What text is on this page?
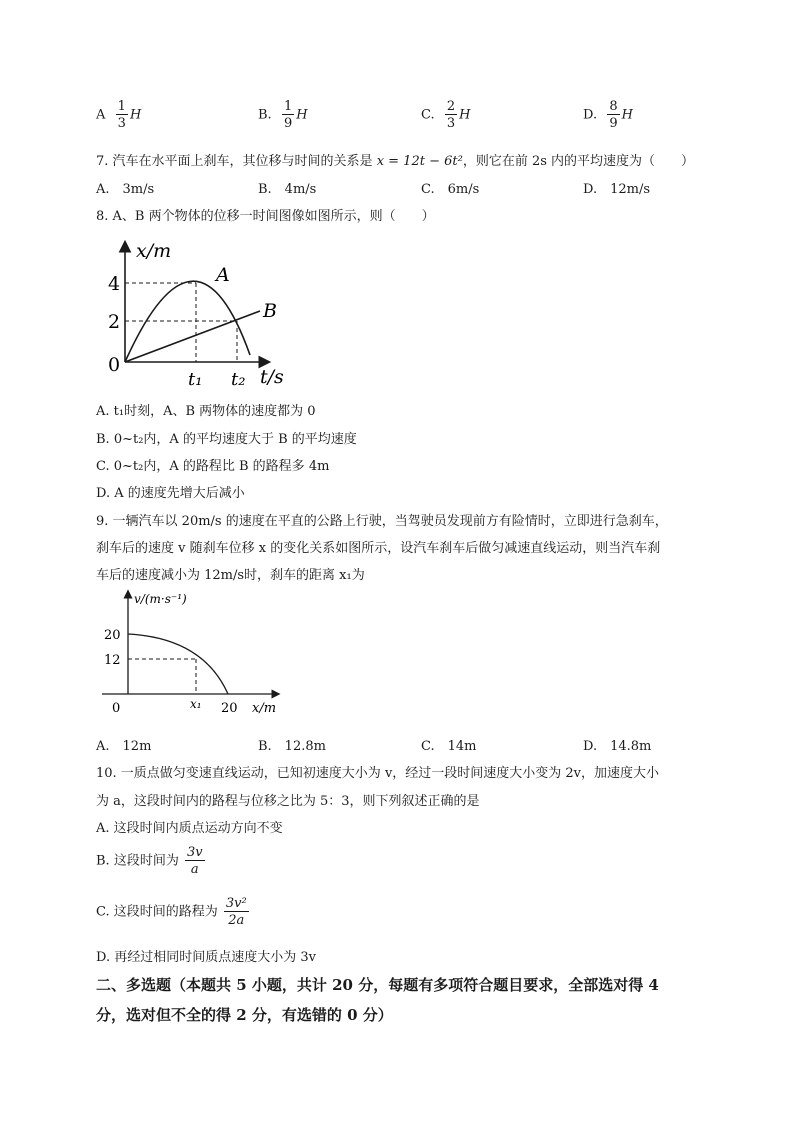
A $\frac{1}{3}$ H	B. $\frac{1}{9}$ H	C. $\frac{2}{3}$ H	D. $\frac{8}{9}$ H
7. 汽车在水平面上刹车，其位移与时间的关系是 x = 12t − 6t²，则它在前 2s 内的平均速度为（　　）
A.　3m/s	B.　4m/s	C.　6m/s	D.　12m/s
8. A、B 两个物体的位移一时间图像如图所示，则（　　）
x/m
4
2
0
t₁ t₂ t/s
A
B
A. t₁时刻，A、B 两物体的速度都为 0
B. 0~t₂内，A 的平均速度大于 B 的平均速度
C. 0~t₂内，A 的路程比 B 的路程多 4m
D. A 的速度先增大后减小
9. 一辆汽车以 20m/s 的速度在平直的公路上行驶，当驾驶员发现前方有险情时，立即进行急刹车，
刹车后的速度 v 随刹车位移 x 的变化关系如图所示，设汽车刹车后做匀减速直线运动，则当汽车刹
车后的速度减小为 12m/s时，刹车的距离 x₁为
v/(m·s⁻¹)
20
12
0	x₁ 20 x/m
A.　12m	B.　12.8m	C.　14m	D.　14.8m
10. 一质点做匀变速直线运动，已知初速度大小为 v，经过一段时间速度大小变为 2v，加速度大小
为 a，这段时间内的路程与位移之比为 5：3，则下列叙述正确的是
A. 这段时间内质点运动方向不变
B. 这段时间为 $\frac{3v}{a}$
C. 这段时间的路程为 $\frac{\text{3v²}}{2a}$
D. 再经过相同时间质点速度大小为 3v
二、多选题（本题共 5 小题，共计 20 分，每题有多项符合题目要求，全部选对得 4
分，选对但不全的得 2 分，有选错的 0 分）
